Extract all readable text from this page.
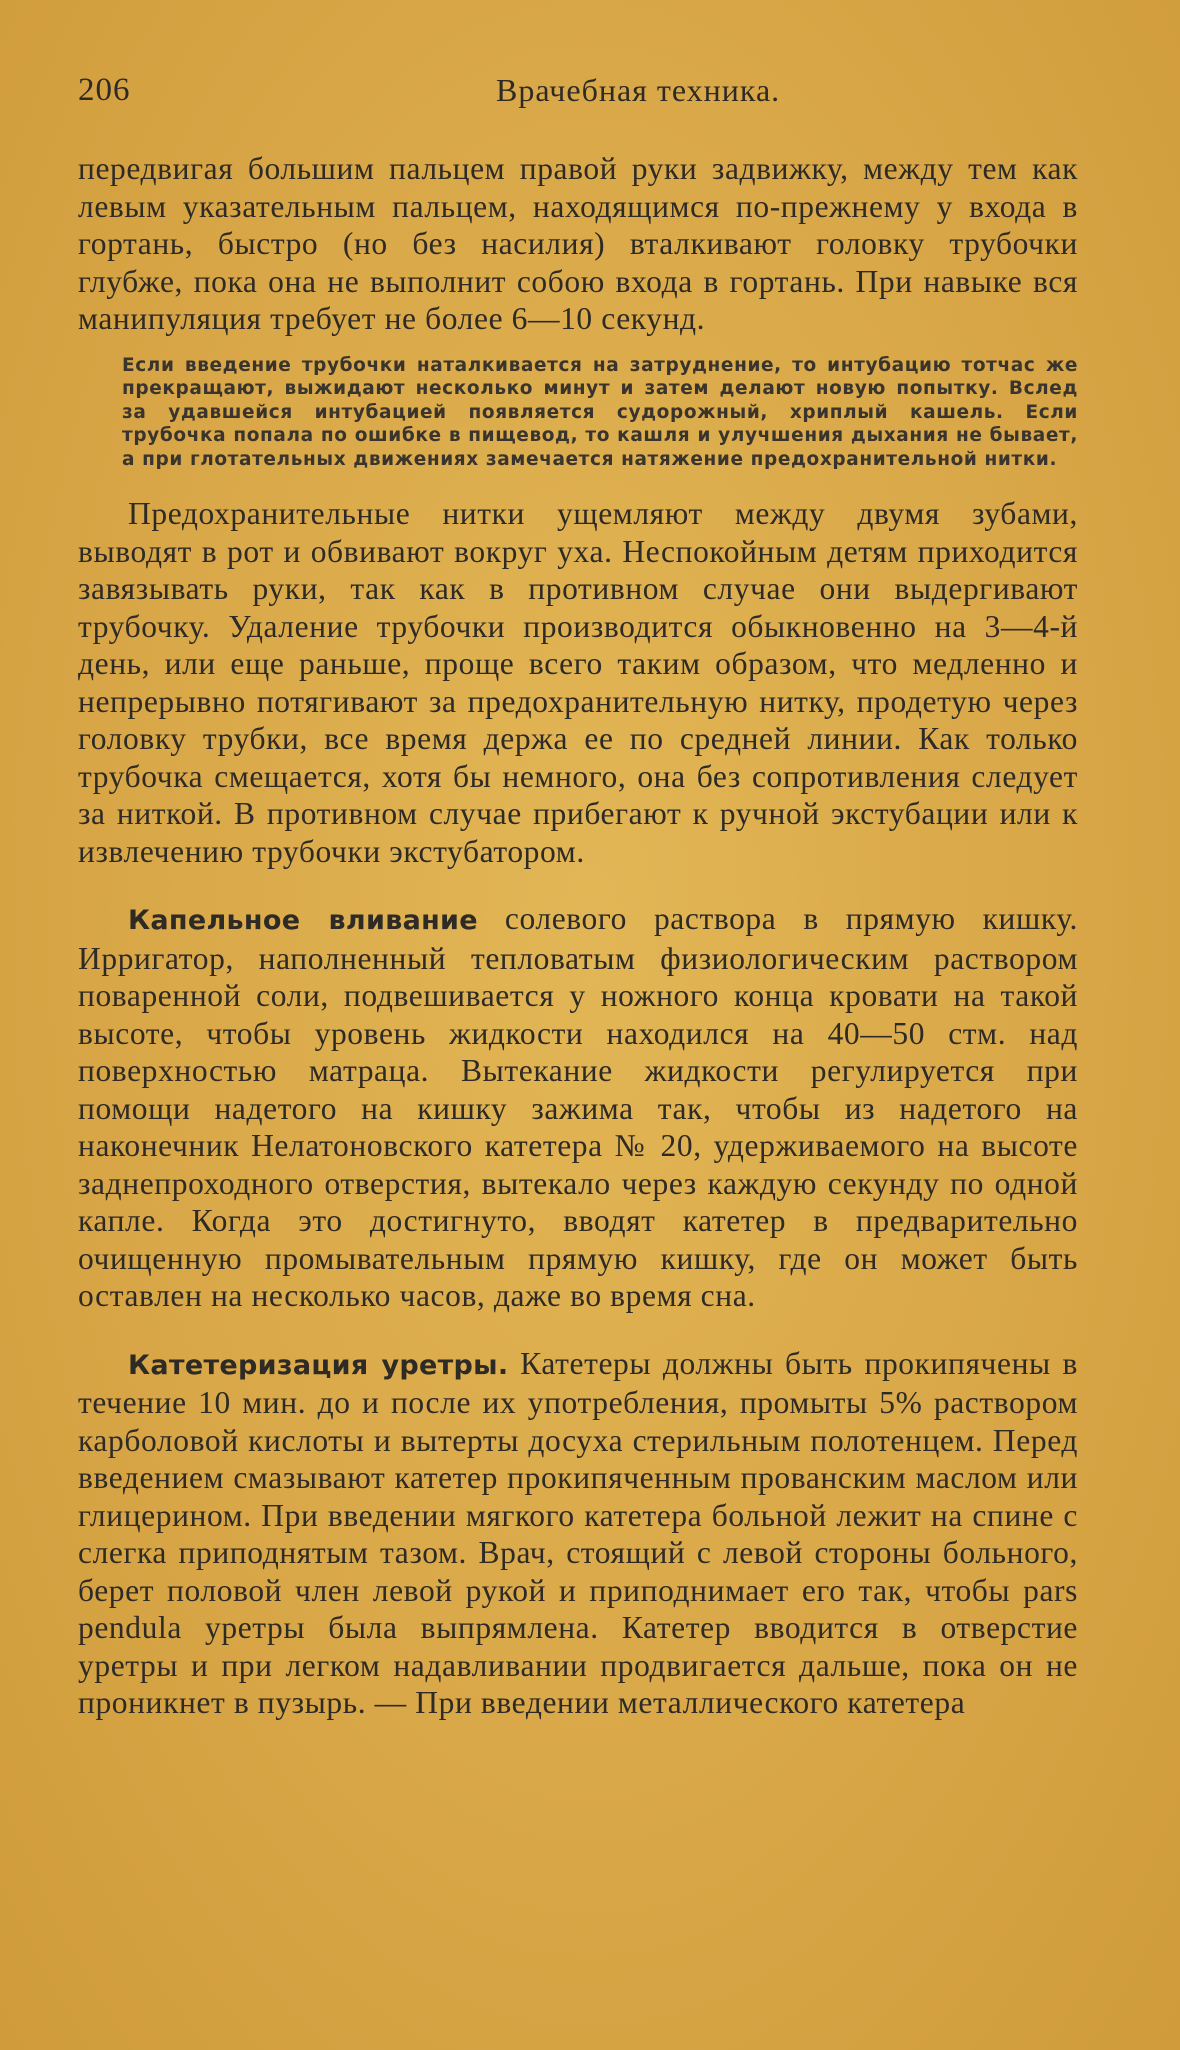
206	Врачебная техника.

передвигая большим пальцем правой руки задвижку, между тем как левым указательным пальцем, находящимся по-прежнему у входа в гортань, быстро (но без насилия) вталкивают головку трубочки глубже, пока она не выполнит собою входа в гортань. При навыке вся манипуляция требует не более 6—10 секунд.

Если введение трубочки наталкивается на затруднение, то интубацию тотчас же прекращают, выжидают несколько минут и затем делают новую попытку. Вслед за удавшейся интубацией появляется судорожный, хриплый кашель. Если трубочка попала по ошибке в пищевод, то кашля и улучшения дыхания не бывает, а при глотательных движениях замечается натяжение предохранительной нитки.

Предохранительные нитки ущемляют между двумя зубами, выводят в рот и обвивают вокруг уха. Неспокойным детям приходится завязывать руки, так как в противном случае они выдергивают трубочку. Удаление трубочки производится обыкновенно на 3—4-й день, или еще раньше, проще всего таким образом, что медленно и непрерывно потягивают за предохранительную нитку, продетую через головку трубки, все время держа ее по средней линии. Как только трубочка смещается, хотя бы немного, она без сопротивления следует за ниткой. В противном случае прибегают к ручной экстубации или к извлечению трубочки экстубатором.

Капельное вливание солевого раствора в прямую кишку. Ирригатор, наполненный тепловатым физиологическим раствором поваренной соли, подвешивается у ножного конца кровати на такой высоте, чтобы уровень жидкости находился на 40—50 стм. над поверхностью матраца. Вытекание жидкости регулируется при помощи надетого на кишку зажима так, чтобы из надетого на наконечник Нелатоновского катетера № 20, удерживаемого на высоте заднепроходного отверстия, вытекало через каждую секунду по одной капле. Когда это достигнуто, вводят катетер в предварительно очищенную промывательным прямую кишку, где он может быть оставлен на несколько часов, даже во время сна.

Катетеризация уретры. Катетеры должны быть прокипячены в течение 10 мин. до и после их употребления, промыты 5% раствором карболовой кислоты и вытерты досуха стерильным полотенцем. Перед введением смазывают катетер прокипяченным прованским маслом или глицерином. При введении мягкого катетера больной лежит на спине с слегка приподнятым тазом. Врач, стоящий с левой стороны больного, берет половой член левой рукой и приподнимает его так, чтобы pars pendula уретры была выпрямлена. Катетер вводится в отверстие уретры и при легком надавливании продвигается дальше, пока он не проникнет в пузырь. — При введении металлического катетера
